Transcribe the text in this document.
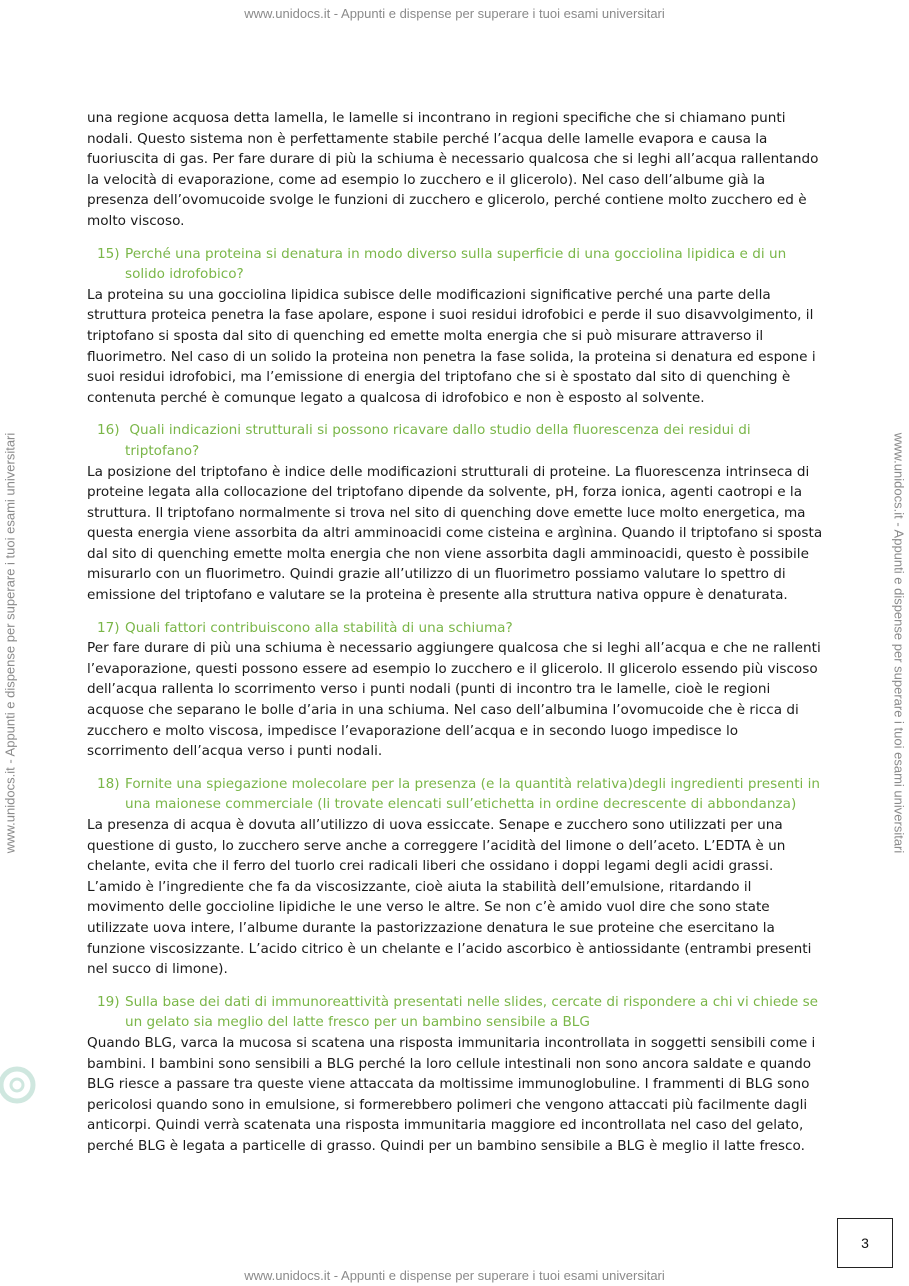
www.unidocs.it - Appunti e dispense per superare i tuoi esami universitari
www.unidocs.it - Appunti e dispense per superare i tuoi esami universitari	www.unidocs.it - Appunti e dispense per superare i tuoi esami universitari

una regione acquosa detta lamella, le lamelle si incontrano in regioni specifiche che si chiamano punti nodali. Questo sistema non è perfettamente stabile perché l’acqua delle lamelle evapora e causa la fuoriuscita di gas. Per fare durare di più la schiuma è necessario qualcosa che si leghi all’acqua rallentando la velocità di evaporazione, come ad esempio lo zucchero e il glicerolo). Nel caso dell’albume già la presenza dell’ovomucoide svolge le funzioni di zucchero e glicerolo, perché contiene molto zucchero ed è molto viscoso.

15) Perché una proteina si denatura in modo diverso sulla superficie di una gocciolina lipidica e di un solido idrofobico?

La proteina su una gocciolina lipidica subisce delle modificazioni significative perché una parte della struttura proteica penetra la fase apolare, espone i suoi residui idrofobici e perde il suo disavvolgimento, il triptofano si sposta dal sito di quenching ed emette molta energia che si può misurare attraverso il fluorimetro. Nel caso di un solido la proteina non penetra la fase solida, la proteina si denatura ed espone i suoi residui idrofobici, ma l’emissione di energia del triptofano che si è spostato dal sito di quenching è contenuta perché è comunque legato a qualcosa di idrofobico e non è esposto al solvente.

16) Quali indicazioni strutturali si possono ricavare dallo studio della fluorescenza dei residui di triptofano?

La posizione del triptofano è indice delle modificazioni strutturali di proteine. La fluorescenza intrinseca di proteine legata alla collocazione del triptofano dipende da solvente, pH, forza ionica, agenti caotropi e la struttura. Il triptofano normalmente si trova nel sito di quenching dove emette luce molto energetica, ma questa energia viene assorbita da altri amminoacidi come cisteina e argìnina. Quando il triptofano si sposta dal sito di quenching emette molta energia che non viene assorbita dagli amminoacidi, questo è possibile misurarlo con un fluorimetro. Quindi grazie all’utilizzo di un fluorimetro possiamo valutare lo spettro di emissione del triptofano e valutare se la proteina è presente alla struttura nativa oppure è denaturata.

17) Quali fattori contribuiscono alla stabilità di una schiuma?

Per fare durare di più una schiuma è necessario aggiungere qualcosa che si leghi all’acqua e che ne rallenti l’evaporazione, questi possono essere ad esempio lo zucchero e il glicerolo. Il glicerolo essendo più viscoso dell’acqua rallenta lo scorrimento verso i punti nodali (punti di incontro tra le lamelle, cioè le regioni acquose che separano le bolle d’aria in una schiuma. Nel caso dell’albumina l’ovomucoide che è ricca di zucchero e molto viscosa, impedisce l’evaporazione dell’acqua e in secondo luogo impedisce lo scorrimento dell’acqua verso i punti nodali.

18) Fornite una spiegazione molecolare per la presenza (e la quantità relativa)degli ingredienti presenti in una maionese commerciale (li trovate elencati sull’etichetta in ordine decrescente di abbondanza)

La presenza di acqua è dovuta all’utilizzo di uova essiccate. Senape e zucchero sono utilizzati per una questione di gusto, lo zucchero serve anche a correggere l’acidità del limone o dell’aceto. L’EDTA è un chelante, evita che il ferro del tuorlo crei radicali liberi che ossidano i doppi legami degli acidi grassi. L’amido è l’ingrediente che fa da viscosizzante, cioè aiuta la stabilità dell’emulsione, ritardando il movimento delle goccioline lipidiche le une verso le altre. Se non c’è amido vuol dire che sono state utilizzate uova intere, l’albume durante la pastorizzazione denatura le sue proteine che esercitano la funzione viscosizzante. L’acido citrico è un chelante e l’acido ascorbico è antiossidante (entrambi presenti nel succo di limone).

19) Sulla base dei dati di immunoreattività presentati nelle slides, cercate di rispondere a chi vi chiede se un gelato sia meglio del latte fresco per un bambino sensibile a BLG

Quando BLG, varca la mucosa si scatena una risposta immunitaria incontrollata in soggetti sensibili come i bambini. I bambini sono sensibili a BLG perché la loro cellule intestinali non sono ancora saldate e quando BLG riesce a passare tra queste viene attaccata da moltissime immunoglobuline. I frammenti di BLG sono pericolosi quando sono in emulsione, si formerebbero polimeri che vengono attaccati più facilmente dagli anticorpi. Quindi verrà scatenata una risposta immunitaria maggiore ed incontrollata nel caso del gelato, perché BLG è legata a particelle di grasso. Quindi per un bambino sensibile a BLG è meglio il latte fresco.

3
www.unidocs.it - Appunti e dispense per superare i tuoi esami universitari
